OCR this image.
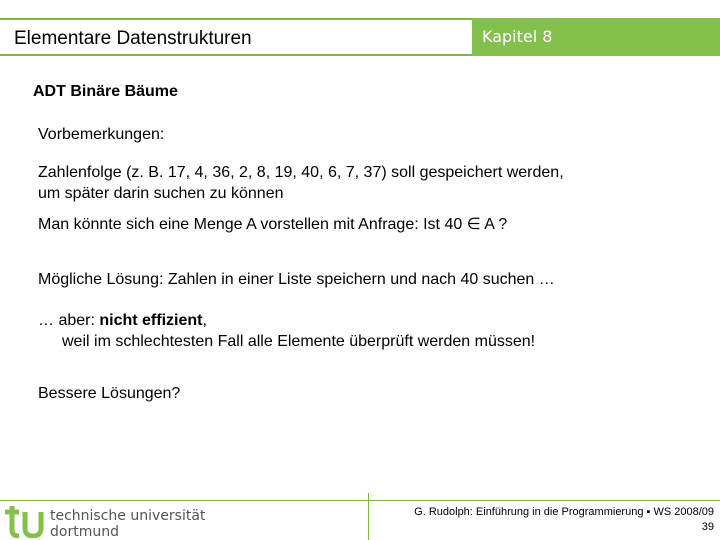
Elementare Datenstrukturen	Kapitel 8
ADT Binäre Bäume
Vorbemerkungen:
Zahlenfolge (z. B. 17, 4, 36, 2, 8, 19, 40, 6, 7, 37) soll gespeichert werden,
um später darin suchen zu können
Man könnte sich eine Menge A vorstellen mit Anfrage: Ist 40 ∈ A ?
Mögliche Lösung: Zahlen in einer Liste speichern und nach 40 suchen …
… aber: nicht effizient,
weil im schlechtesten Fall alle Elemente überprüft werden müssen!
Bessere Lösungen?
technische universität
dortmund
G. Rudolph: Einführung in die Programmierung ▪ WS 2008/09
39
